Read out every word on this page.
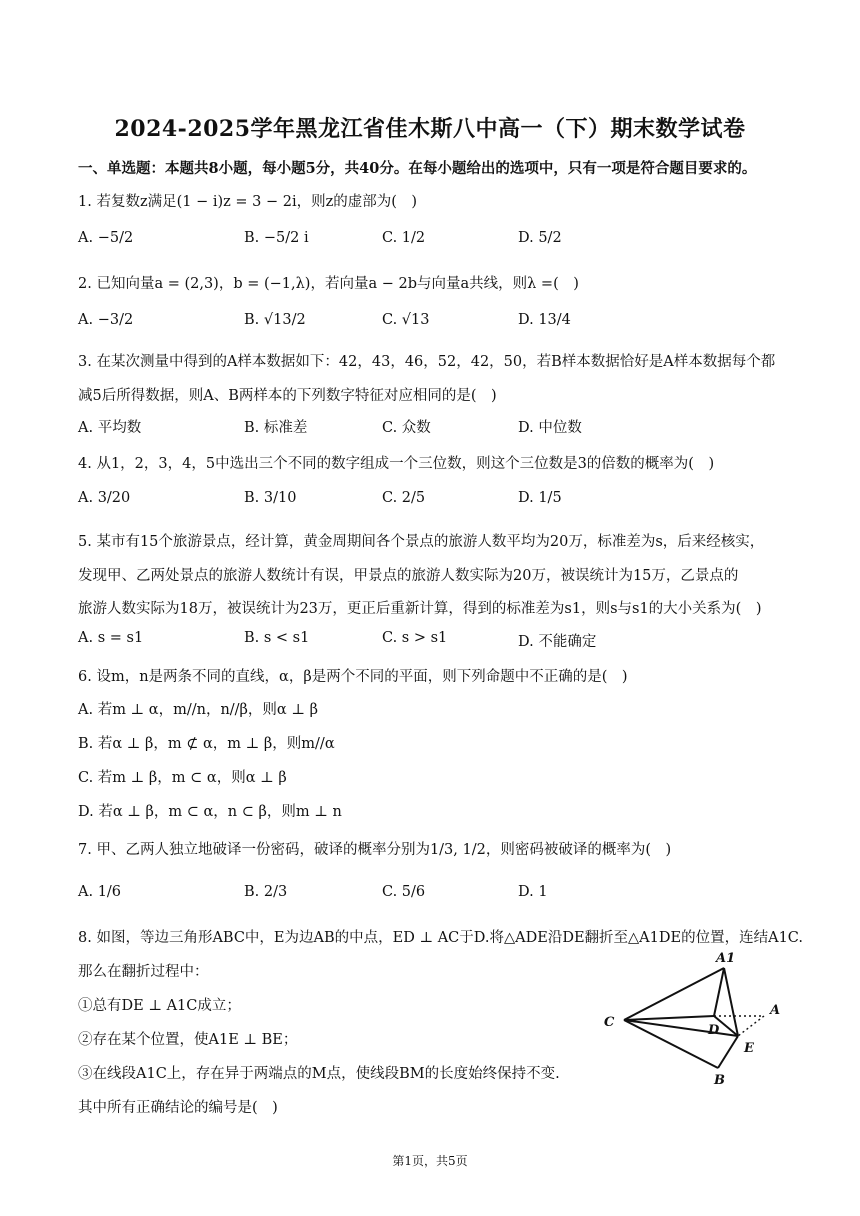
2024-2025学年黑龙江省佳木斯八中高一（下）期末数学试卷
一、单选题：本题共8小题，每小题5分，共40分。在每小题给出的选项中，只有一项是符合题目要求的。
1. 若复数z满足(1 − i)z = 3 − 2i，则z的虚部为(　)
A. −5/2	B. −5/2 i	C. 1/2	D. 5/2
2. 已知向量a = (2,3)，b = (−1,λ)，若向量a − 2b与向量a共线，则λ =(　)
A. −3/2	B. √13/2	C. √13	D. 13/4
3. 在某次测量中得到的A样本数据如下：42，43，46，52，42，50，若B样本数据恰好是A样本数据每个都
减5后所得数据，则A、B两样本的下列数字特征对应相同的是(　)
A. 平均数	B. 标准差	C. 众数	D. 中位数
4. 从1，2，3，4，5中选出三个不同的数字组成一个三位数，则这个三位数是3的倍数的概率为(　)
A. 3/20	B. 3/10	C. 2/5	D. 1/5
5. 某市有15个旅游景点，经计算，黄金周期间各个景点的旅游人数平均为20万，标准差为s，后来经核实，
发现甲、乙两处景点的旅游人数统计有误，甲景点的旅游人数实际为20万，被误统计为15万，乙景点的
旅游人数实际为18万，被误统计为23万，更正后重新计算，得到的标准差为s1，则s与s1的大小关系为(　)
A. s = s1	B. s < s1	C. s > s1	D. 不能确定
6. 设m，n是两条不同的直线，α，β是两个不同的平面，则下列命题中不正确的是(　)
A. 若m ⊥ α，m//n，n//β，则α ⊥ β
B. 若α ⊥ β，m ⊄ α，m ⊥ β，则m//α
C. 若m ⊥ β，m ⊂ α，则α ⊥ β
D. 若α ⊥ β，m ⊂ α，n ⊂ β，则m ⊥ n
7. 甲、乙两人独立地破译一份密码，破译的概率分别为1/3, 1/2，则密码被破译的概率为(　)
A. 1/6	B. 2/3	C. 5/6	D. 1
8. 如图，等边三角形ABC中，E为边AB的中点，ED ⊥ AC于D.将△ADE沿DE翻折至△A1DE的位置，连结A1C.
那么在翻折过程中：
①总有DE ⊥ A1C成立；
②存在某个位置，使A1E ⊥ BE；
③在线段A1C上，存在异于两端点的M点，使线段BM的长度始终保持不变.
其中所有正确结论的编号是(　)
A1
A
C
D
E
B
第1页，共5页
